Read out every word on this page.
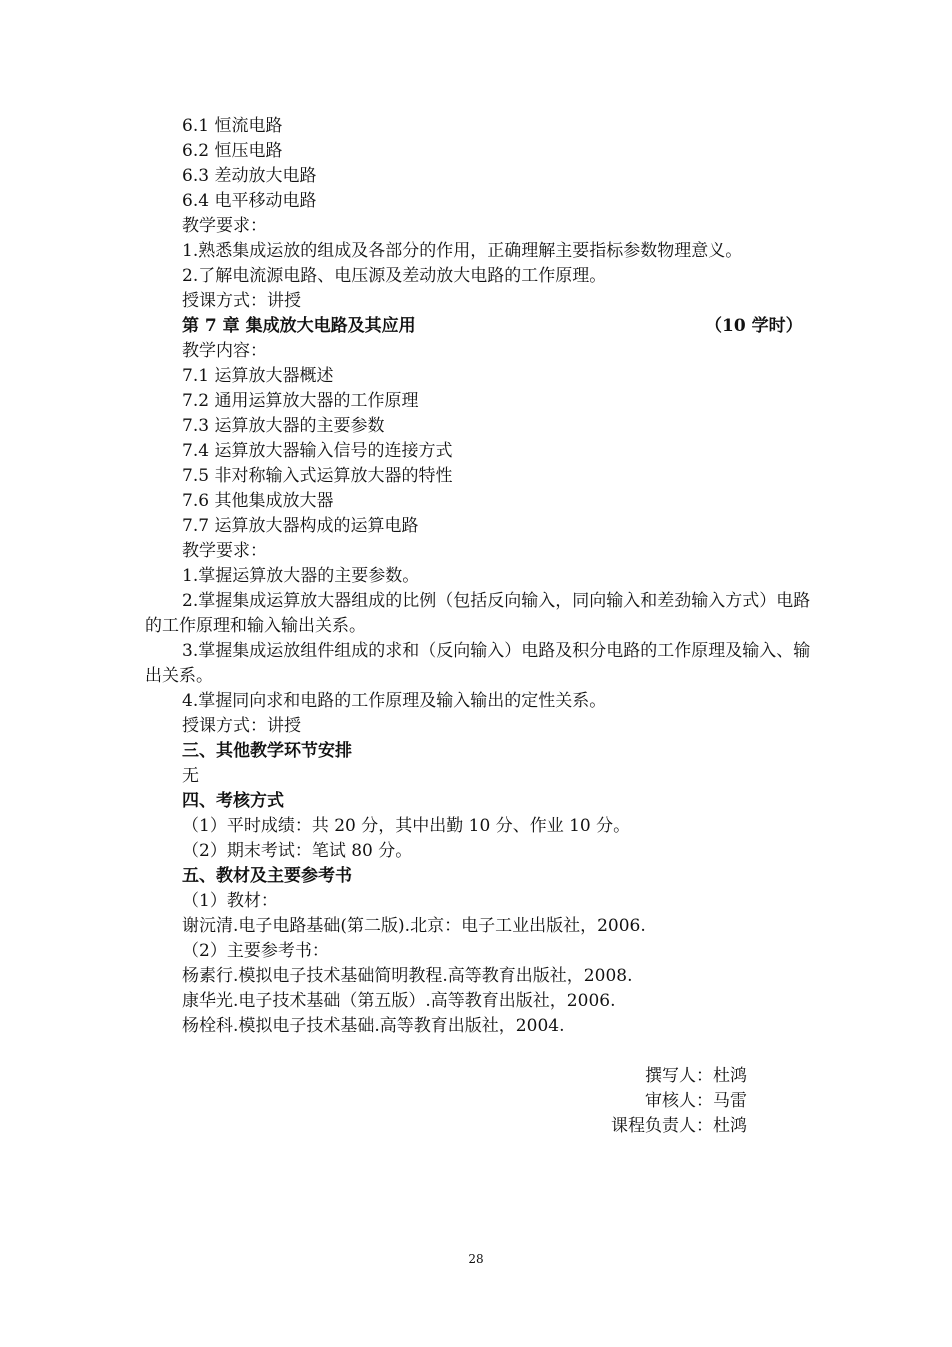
6.1 恒流电路
6.2 恒压电路
6.3 差动放大电路
6.4 电平移动电路
教学要求：
1.熟悉集成运放的组成及各部分的作用，正确理解主要指标参数物理意义。
2.了解电流源电路、电压源及差动放大电路的工作原理。
授课方式：讲授
第 7 章 集成放大电路及其应用	（10 学时）
教学内容：
7.1 运算放大器概述
7.2 通用运算放大器的工作原理
7.3 运算放大器的主要参数
7.4 运算放大器输入信号的连接方式
7.5 非对称输入式运算放大器的特性
7.6 其他集成放大器
7.7 运算放大器构成的运算电路
教学要求：
1.掌握运算放大器的主要参数。
2.掌握集成运算放大器组成的比例（包括反向输入，同向输入和差劲输入方式）电路的工作原理和输入输出关系。
3.掌握集成运放组件组成的求和（反向输入）电路及积分电路的工作原理及输入、输出关系。
4.掌握同向求和电路的工作原理及输入输出的定性关系。
授课方式：讲授
三、其他教学环节安排
无
四、考核方式
（1）平时成绩：共 20 分，其中出勤 10 分、作业 10 分。
（2）期末考试：笔试 80 分。
五、教材及主要参考书
（1）教材：
谢沅清.电子电路基础(第二版).北京：电子工业出版社，2006.
（2）主要参考书：
杨素行.模拟电子技术基础简明教程.高等教育出版社，2008.
康华光.电子技术基础（第五版）.高等教育出版社，2006.
杨栓科.模拟电子技术基础.高等教育出版社，2004.
撰写人：杜鸿
审核人：马雷
课程负责人：杜鸿
28
